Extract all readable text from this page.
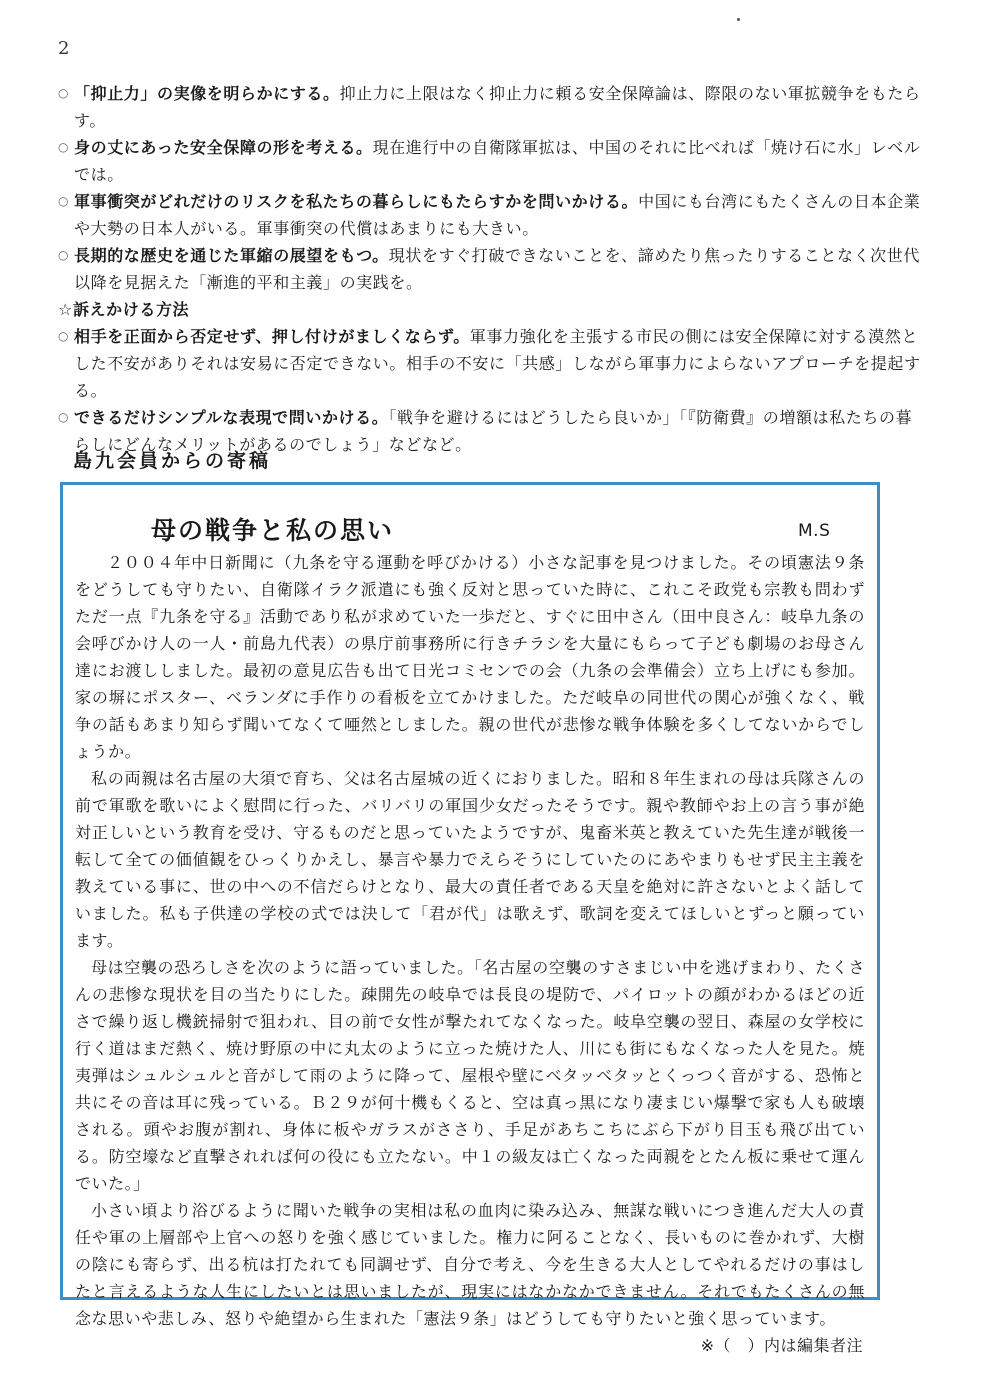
2

○ 「抑止力」の実像を明らかにする。抑止力に上限はなく抑止力に頼る安全保障論は、際限のない軍拡競争をもたらす。

○ 身の丈にあった安全保障の形を考える。現在進行中の自衛隊軍拡は、中国のそれに比べれば「焼け石に水」レベルでは。

○ 軍事衝突がどれだけのリスクを私たちの暮らしにもたらすかを問いかける。中国にも台湾にもたくさんの日本企業や大勢の日本人がいる。軍事衝突の代償はあまりにも大きい。

○ 長期的な歴史を通じた軍縮の展望をもつ。現状をすぐ打破できないことを、諦めたり焦ったりすることなく次世代以降を見据えた「漸進的平和主義」の実践を。

☆訴えかける方法

○ 相手を正面から否定せず、押し付けがましくならず。軍事力強化を主張する市民の側には安全保障に対する漠然とした不安がありそれは安易に否定できない。相手の不安に「共感」しながら軍事力によらないアプローチを提起する。

○ できるだけシンプルな表現で問いかける。「戦争を避けるにはどうしたら良いか」「『防衛費』の増額は私たちの暮らしにどんなメリットがあるのでしょう」などなど。

島九会員からの寄稿
母の戦争と私の思い	M.S

２００４年中日新聞に（九条を守る運動を呼びかける）小さな記事を見つけました。その頃憲法９条をどうしても守りたい、自衛隊イラク派遣にも強く反対と思っていた時に、これこそ政党も宗教も問わずただ一点『九条を守る』活動であり私が求めていた一歩だと、すぐに田中さん（田中良さん：岐阜九条の会呼びかけ人の一人・前島九代表）の県庁前事務所に行きチラシを大量にもらって子ども劇場のお母さん達にお渡ししました。最初の意見広告も出て日光コミセンでの会（九条の会準備会）立ち上げにも参加。家の塀にポスター、ベランダに手作りの看板を立てかけました。ただ岐阜の同世代の関心が強くなく、戦争の話もあまり知らず聞いてなくて唖然としました。親の世代が悲惨な戦争体験を多くしてないからでしょうか。

私の両親は名古屋の大須で育ち、父は名古屋城の近くにおりました。昭和８年生まれの母は兵隊さんの前で軍歌を歌いによく慰問に行った、バリバリの軍国少女だったそうです。親や教師やお上の言う事が絶対正しいという教育を受け、守るものだと思っていたようですが、鬼畜米英と教えていた先生達が戦後一転して全ての価値観をひっくりかえし、暴言や暴力でえらそうにしていたのにあやまりもせず民主主義を教えている事に、世の中への不信だらけとなり、最大の責任者である天皇を絶対に許さないとよく話していました。私も子供達の学校の式では決して「君が代」は歌えず、歌詞を変えてほしいとずっと願っています。

母は空襲の恐ろしさを次のように語っていました。「名古屋の空襲のすさまじい中を逃げまわり、たくさんの悲惨な現状を目の当たりにした。疎開先の岐阜では長良の堤防で、パイロットの顔がわかるほどの近さで繰り返し機銃掃射で狙われ、目の前で女性が撃たれてなくなった。岐阜空襲の翌日、森屋の女学校に行く道はまだ熱く、焼け野原の中に丸太のように立った焼けた人、川にも街にもなくなった人を見た。焼夷弾はシュルシュルと音がして雨のように降って、屋根や壁にベタッベタッとくっつく音がする、恐怖と共にその音は耳に残っている。Ｂ２９が何十機もくると、空は真っ黒になり凄まじい爆撃で家も人も破壊される。頭やお腹が割れ、身体に板やガラスがささり、手足があちこちにぶら下がり目玉も飛び出ている。防空壕など直撃されれば何の役にも立たない。中１の級友は亡くなった両親をとたん板に乗せて運んでいた。」

小さい頃より浴びるように聞いた戦争の実相は私の血肉に染み込み、無謀な戦いにつき進んだ大人の責任や軍の上層部や上官への怒りを強く感じていました。権力に阿ることなく、長いものに巻かれず、大樹の陰にも寄らず、出る杭は打たれても同調せず、自分で考え、今を生きる大人としてやれるだけの事はしたと言えるような人生にしたいとは思いましたが、現実にはなかなかできません。それでもたくさんの無念な思いや悲しみ、怒りや絶望から生まれた「憲法９条」はどうしても守りたいと強く思っています。

※（　）内は編集者注
